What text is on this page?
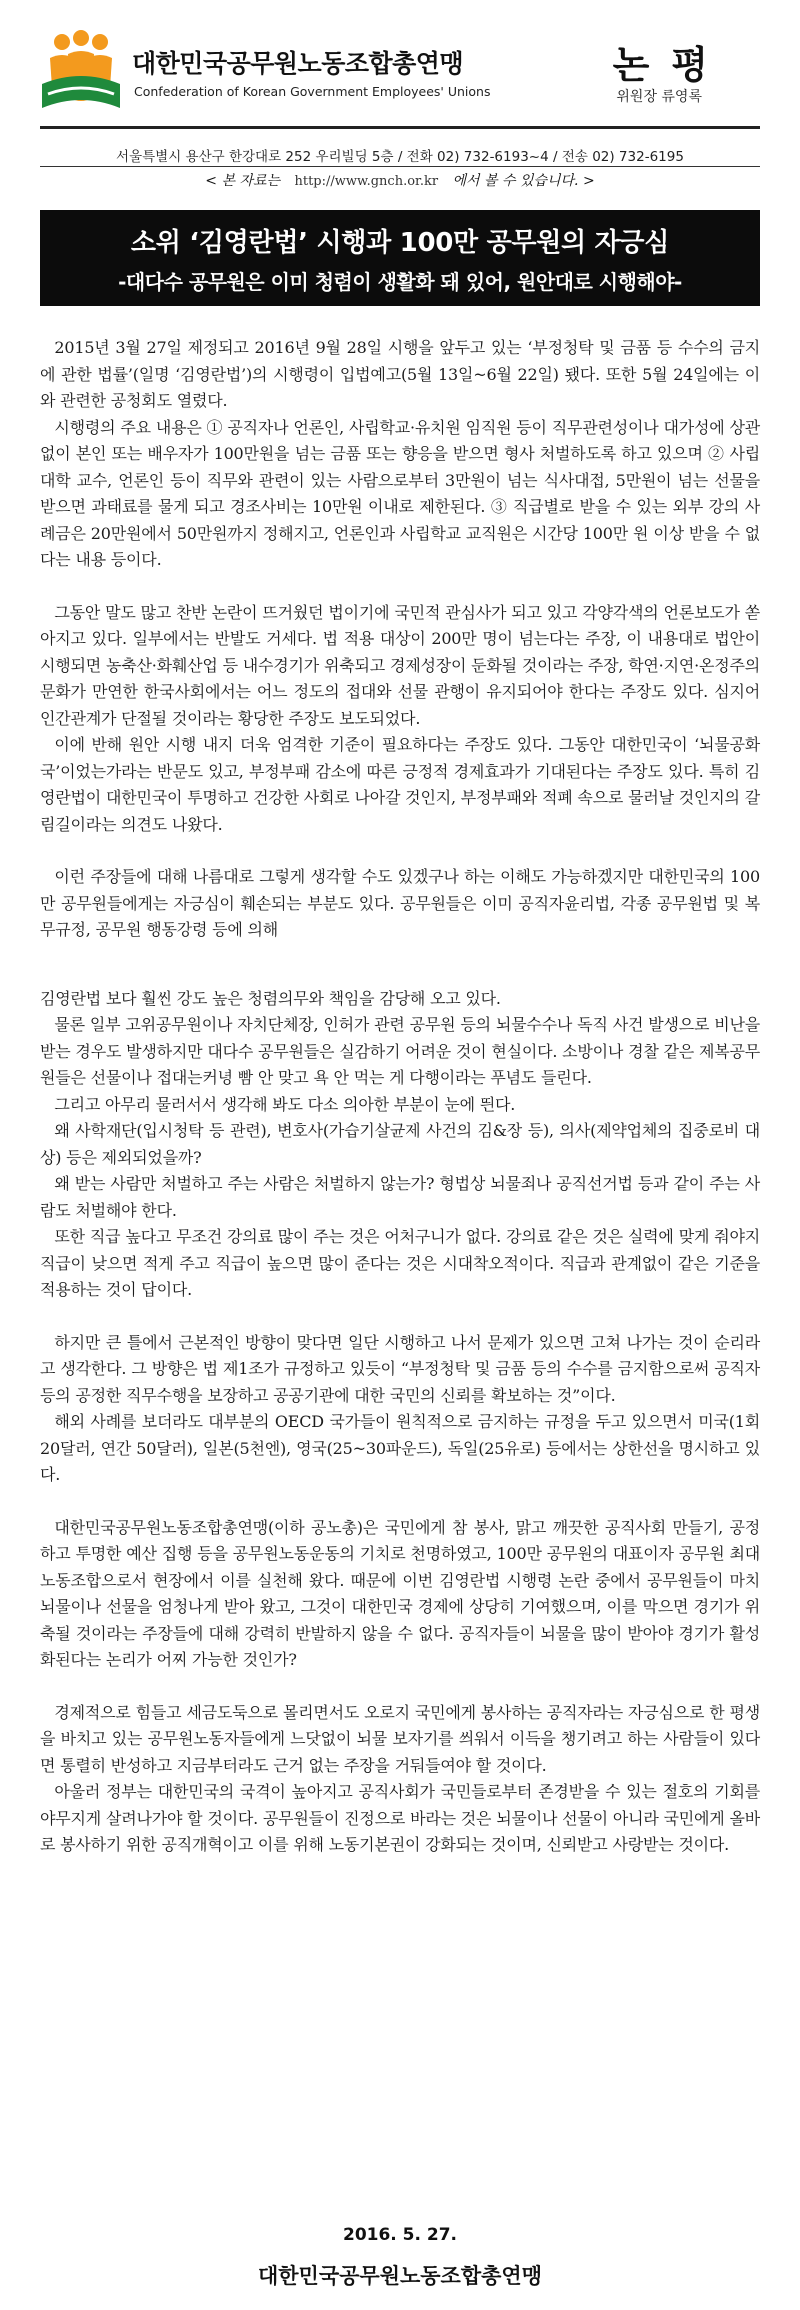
대한민국공무원노동조합총연맹
Confederation of Korean Government Employees' Unions
논평
위원장 류영록
서울특별시 용산구 한강대로 252 우리빌딩 5층 / 전화 02) 732-6193~4 / 전송 02) 732-6195
< 본 자료는 http://www.gnch.or.kr 에서 볼 수 있습니다. >
소위 ‘김영란법’ 시행과 100만 공무원의 자긍심
-대다수 공무원은 이미 청렴이 생활화 돼 있어, 원안대로 시행해야-

2015년 3월 27일 제정되고 2016년 9월 28일 시행을 앞두고 있는 ‘부정청탁 및 금품 등 수수의 금지에 관한 법률’(일명 ‘김영란법’)의 시행령이 입법예고(5월 13일~6월 22일) 됐다. 또한 5월 24일에는 이와 관련한 공청회도 열렸다.

시행령의 주요 내용은 ① 공직자나 언론인, 사립학교·유치원 임직원 등이 직무관련성이나 대가성에 상관없이 본인 또는 배우자가 100만원을 넘는 금품 또는 향응을 받으면 형사 처벌하도록 하고 있으며 ② 사립대학 교수, 언론인 등이 직무와 관련이 있는 사람으로부터 3만원이 넘는 식사대접, 5만원이 넘는 선물을 받으면 과태료를 물게 되고 경조사비는 10만원 이내로 제한된다. ③ 직급별로 받을 수 있는 외부 강의 사례금은 20만원에서 50만원까지 정해지고, 언론인과 사립학교 교직원은 시간당 100만 원 이상 받을 수 없다는 내용 등이다.

그동안 말도 많고 찬반 논란이 뜨거웠던 법이기에 국민적 관심사가 되고 있고 각양각색의 언론보도가 쏟아지고 있다. 일부에서는 반발도 거세다. 법 적용 대상이 200만 명이 넘는다는 주장, 이 내용대로 법안이 시행되면 농축산·화훼산업 등 내수경기가 위축되고 경제성장이 둔화될 것이라는 주장, 학연·지연·온정주의 문화가 만연한 한국사회에서는 어느 정도의 접대와 선물 관행이 유지되어야 한다는 주장도 있다. 심지어 인간관계가 단절될 것이라는 황당한 주장도 보도되었다.

이에 반해 원안 시행 내지 더욱 엄격한 기준이 필요하다는 주장도 있다. 그동안 대한민국이 ‘뇌물공화국’이었는가라는 반문도 있고, 부정부패 감소에 따른 긍정적 경제효과가 기대된다는 주장도 있다. 특히 김영란법이 대한민국이 투명하고 건강한 사회로 나아갈 것인지, 부정부패와 적폐 속으로 물러날 것인지의 갈림길이라는 의견도 나왔다.

이런 주장들에 대해 나름대로 그렇게 생각할 수도 있겠구나 하는 이해도 가능하겠지만 대한민국의 100만 공무원들에게는 자긍심이 훼손되는 부분도 있다. 공무원들은 이미 공직자윤리법, 각종 공무원법 및 복무규정, 공무원 행동강령 등에 의해

김영란법 보다 훨씬 강도 높은 청렴의무와 책임을 감당해 오고 있다.

물론 일부 고위공무원이나 자치단체장, 인허가 관련 공무원 등의 뇌물수수나 독직 사건 발생으로 비난을 받는 경우도 발생하지만 대다수 공무원들은 실감하기 어려운 것이 현실이다. 소방이나 경찰 같은 제복공무원들은 선물이나 접대는커녕 빰 안 맞고 욕 안 먹는 게 다행이라는 푸념도 들린다.

그리고 아무리 물러서서 생각해 봐도 다소 의아한 부분이 눈에 띈다.

왜 사학재단(입시청탁 등 관련), 변호사(가습기살균제 사건의 김&장 등), 의사(제약업체의 집중로비 대상) 등은 제외되었을까?

왜 받는 사람만 처벌하고 주는 사람은 처벌하지 않는가? 형법상 뇌물죄나 공직선거법 등과 같이 주는 사람도 처벌해야 한다.

또한 직급 높다고 무조건 강의료 많이 주는 것은 어처구니가 없다. 강의료 같은 것은 실력에 맞게 줘야지 직급이 낮으면 적게 주고 직급이 높으면 많이 준다는 것은 시대착오적이다. 직급과 관계없이 같은 기준을 적용하는 것이 답이다.

하지만 큰 틀에서 근본적인 방향이 맞다면 일단 시행하고 나서 문제가 있으면 고쳐 나가는 것이 순리라고 생각한다. 그 방향은 법 제1조가 규정하고 있듯이 “부정청탁 및 금품 등의 수수를 금지함으로써 공직자 등의 공정한 직무수행을 보장하고 공공기관에 대한 국민의 신뢰를 확보하는 것”이다.

해외 사례를 보더라도 대부분의 OECD 국가들이 원칙적으로 금지하는 규정을 두고 있으면서 미국(1회 20달러, 연간 50달러), 일본(5천엔), 영국(25~30파운드), 독일(25유로) 등에서는 상한선을 명시하고 있다.

대한민국공무원노동조합총연맹(이하 공노총)은 국민에게 참 봉사, 맑고 깨끗한 공직사회 만들기, 공정하고 투명한 예산 집행 등을 공무원노동운동의 기치로 천명하였고, 100만 공무원의 대표이자 공무원 최대 노동조합으로서 현장에서 이를 실천해 왔다. 때문에 이번 김영란법 시행령 논란 중에서 공무원들이 마치 뇌물이나 선물을 엄청나게 받아 왔고, 그것이 대한민국 경제에 상당히 기여했으며, 이를 막으면 경기가 위축될 것이라는 주장들에 대해 강력히 반발하지 않을 수 없다. 공직자들이 뇌물을 많이 받아야 경기가 활성화된다는 논리가 어찌 가능한 것인가?

경제적으로 힘들고 세금도둑으로 몰리면서도 오로지 국민에게 봉사하는 공직자라는 자긍심으로 한 평생을 바치고 있는 공무원노동자들에게 느닷없이 뇌물 보자기를 씌워서 이득을 챙기려고 하는 사람들이 있다면 통렬히 반성하고 지금부터라도 근거 없는 주장을 거둬들여야 할 것이다.

아울러 정부는 대한민국의 국격이 높아지고 공직사회가 국민들로부터 존경받을 수 있는 절호의 기회를 야무지게 살려나가야 할 것이다. 공무원들이 진정으로 바라는 것은 뇌물이나 선물이 아니라 국민에게 올바로 봉사하기 위한 공직개혁이고 이를 위해 노동기본권이 강화되는 것이며, 신뢰받고 사랑받는 것이다.

2016. 5. 27.
대한민국공무원노동조합총연맹
